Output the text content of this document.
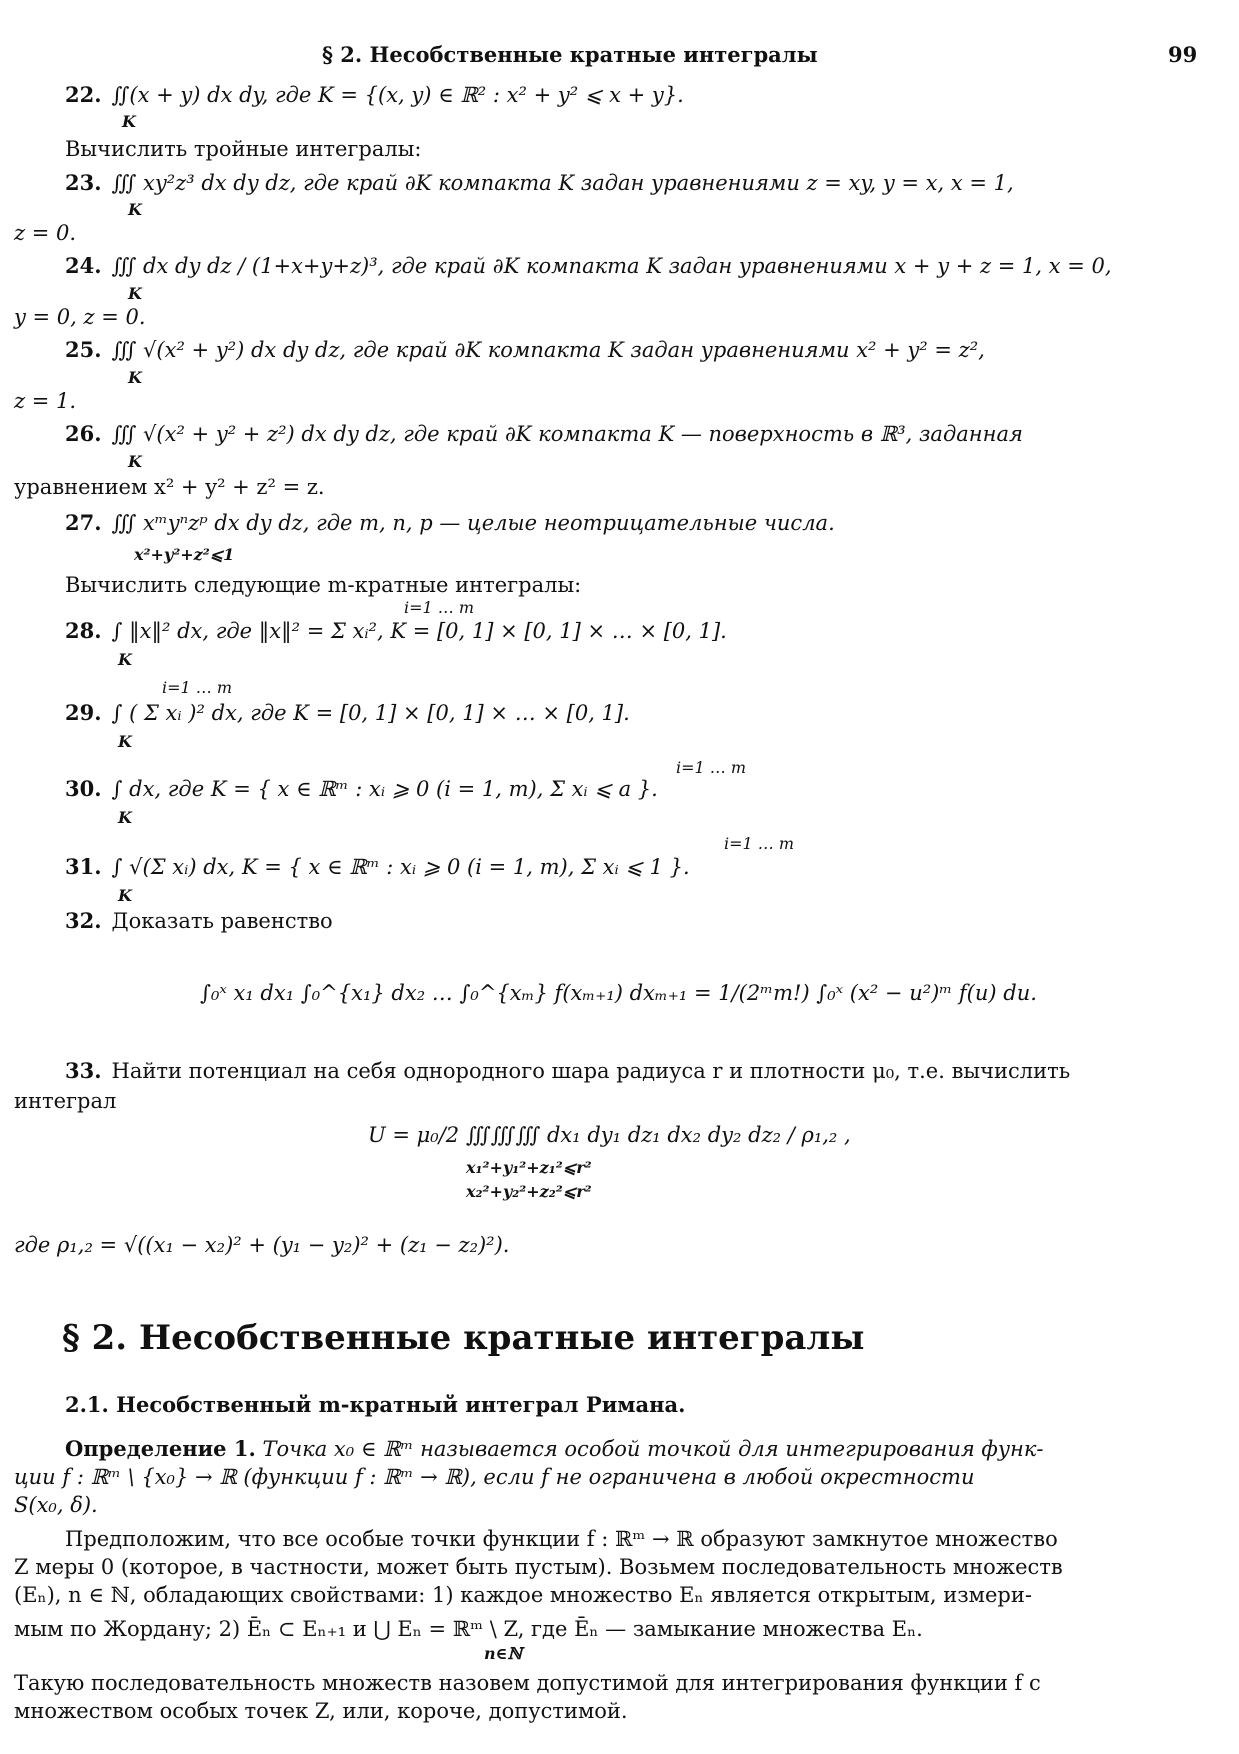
§ 2. Несобственные кратные интегралы	99
22. ∬(x + y) dx dy, где K = {(x, y) ∈ ℝ² : x² + y² ⩽ x + y}.
K
Вычислить тройные интегралы:
23. ∭ xy²z³ dx dy dz, где край ∂K компакта K задан уравнениями z = xy, y = x, x = 1,
K
z = 0.
24. ∭ dx dy dz / (1+x+y+z)³, где край ∂K компакта K задан уравнениями x + y + z = 1, x = 0,
K
y = 0, z = 0.
25. ∭ √(x² + y²) dx dy dz, где край ∂K компакта K задан уравнениями x² + y² = z²,
K
z = 1.
26. ∭ √(x² + y² + z²) dx dy dz, где край ∂K компакта K — поверхность в ℝ³, заданная
K
уравнением x² + y² + z² = z.
27. ∭ xᵐyⁿzᵖ dx dy dz, где m, n, p — целые неотрицательные числа.
x²+y²+z²⩽1
Вычислить следующие m-кратные интегралы:
i=1 … m
28. ∫ ‖x‖² dx, где ‖x‖² = Σ xᵢ², K = [0, 1] × [0, 1] × … × [0, 1].
K
i=1 … m
29. ∫ ( Σ xᵢ )² dx, где K = [0, 1] × [0, 1] × … × [0, 1].
K
i=1 … m
30. ∫ dx, где K = { x ∈ ℝᵐ : xᵢ ⩾ 0 (i = 1, m), Σ xᵢ ⩽ a }.
K
i=1 … m
31. ∫ √(Σ xᵢ) dx, K = { x ∈ ℝᵐ : xᵢ ⩾ 0 (i = 1, m), Σ xᵢ ⩽ 1 }.
K
32. Доказать равенство
∫₀ˣ x₁ dx₁ ∫₀^{x₁} dx₂ … ∫₀^{xₘ} f(xₘ₊₁) dxₘ₊₁ = 1/(2ᵐm!) ∫₀ˣ (x² − u²)ᵐ f(u) du.
33. Найти потенциал на себя однородного шара радиуса r и плотности μ₀, т.е. вычислить
интеграл
U = μ₀/2 ∭∭∭ dx₁ dy₁ dz₁ dx₂ dy₂ dz₂ / ρ₁,₂ ,
x₁²+y₁²+z₁²⩽r²
x₂²+y₂²+z₂²⩽r²
где ρ₁,₂ = √((x₁ − x₂)² + (y₁ − y₂)² + (z₁ − z₂)²).
§ 2. Несобственные кратные интегралы
2.1. Несобственный m-кратный интеграл Римана.
Определение 1. Точка x₀ ∈ ℝᵐ называется особой точкой для интегрирования функ-
ции f : ℝᵐ \ {x₀} → ℝ (функции f : ℝᵐ → ℝ), если f не ограничена в любой окрестности
S(x₀, δ).
Предположим, что все особые точки функции f : ℝᵐ → ℝ образуют замкнутое множество
Z меры 0 (которое, в частности, может быть пустым). Возьмем последовательность множеств
(Eₙ), n ∈ ℕ, обладающих свойствами: 1) каждое множество Eₙ является открытым, измери-
мым по Жордану; 2) Ēₙ ⊂ Eₙ₊₁ и ⋃ Eₙ = ℝᵐ \ Z, где Ēₙ — замыкание множества Eₙ.
n∈ℕ
Такую последовательность множеств назовем допустимой для интегрирования функции f с
множеством особых точек Z, или, короче, допустимой.
